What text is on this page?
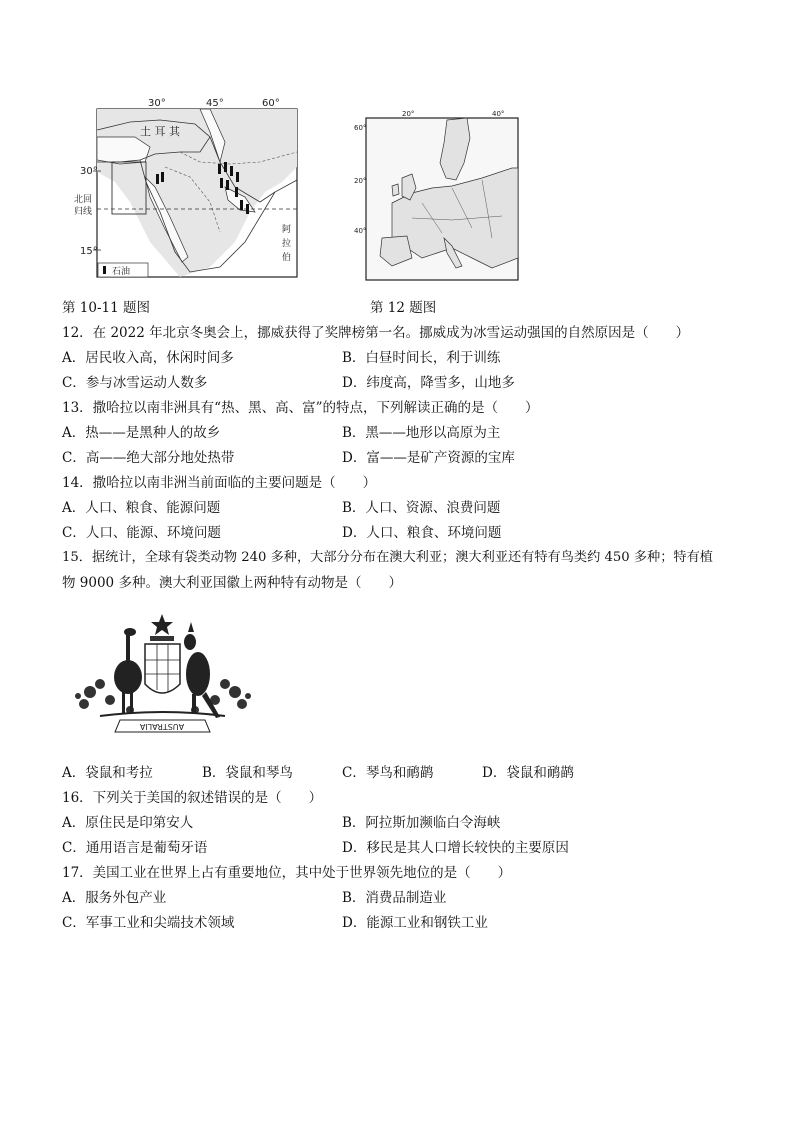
30°	45°	60°
30°
15°
北回
归线
土 耳 其
阿
拉
伯
石油
20°	40°
60°
20°
40°
第 10-11 题图	第 12 题图
12．在 2022 年北京冬奥会上，挪威获得了奖牌榜第一名。挪威成为冰雪运动强国的自然原因是（　　）
A．居民收入高，休闲时间多	B．白昼时间长，利于训练
C．参与冰雪运动人数多	D．纬度高，降雪多，山地多
13．撒哈拉以南非洲具有“热、黑、高、富”的特点，下列解读正确的是（　　）
A．热——是黑种人的故乡	B．黑——地形以高原为主
C．高——绝大部分地处热带	D．富——是矿产资源的宝库
14．撒哈拉以南非洲当前面临的主要问题是（　　）
A．人口、粮食、能源问题	B．人口、资源、浪费问题
C．人口、能源、环境问题	D．人口、粮食、环境问题
15．据统计，全球有袋类动物 240 多种，大部分分布在澳大利亚；澳大利亚还有特有鸟类约 450 多种；特有植
物 9000 多种。澳大利亚国徽上两种特有动物是（　　）
AUSTRALIA
A．袋鼠和考拉	B．袋鼠和琴鸟	C．琴鸟和鸸鹋	D．袋鼠和鸸鹋
16．下列关于美国的叙述错误的是（　　）
A．原住民是印第安人	B．阿拉斯加濒临白令海峡
C．通用语言是葡萄牙语	D．移民是其人口增长较快的主要原因
17．美国工业在世界上占有重要地位，其中处于世界领先地位的是（　　）
A．服务外包产业	B．消费品制造业
C．军事工业和尖端技术领域	D．能源工业和钢铁工业
